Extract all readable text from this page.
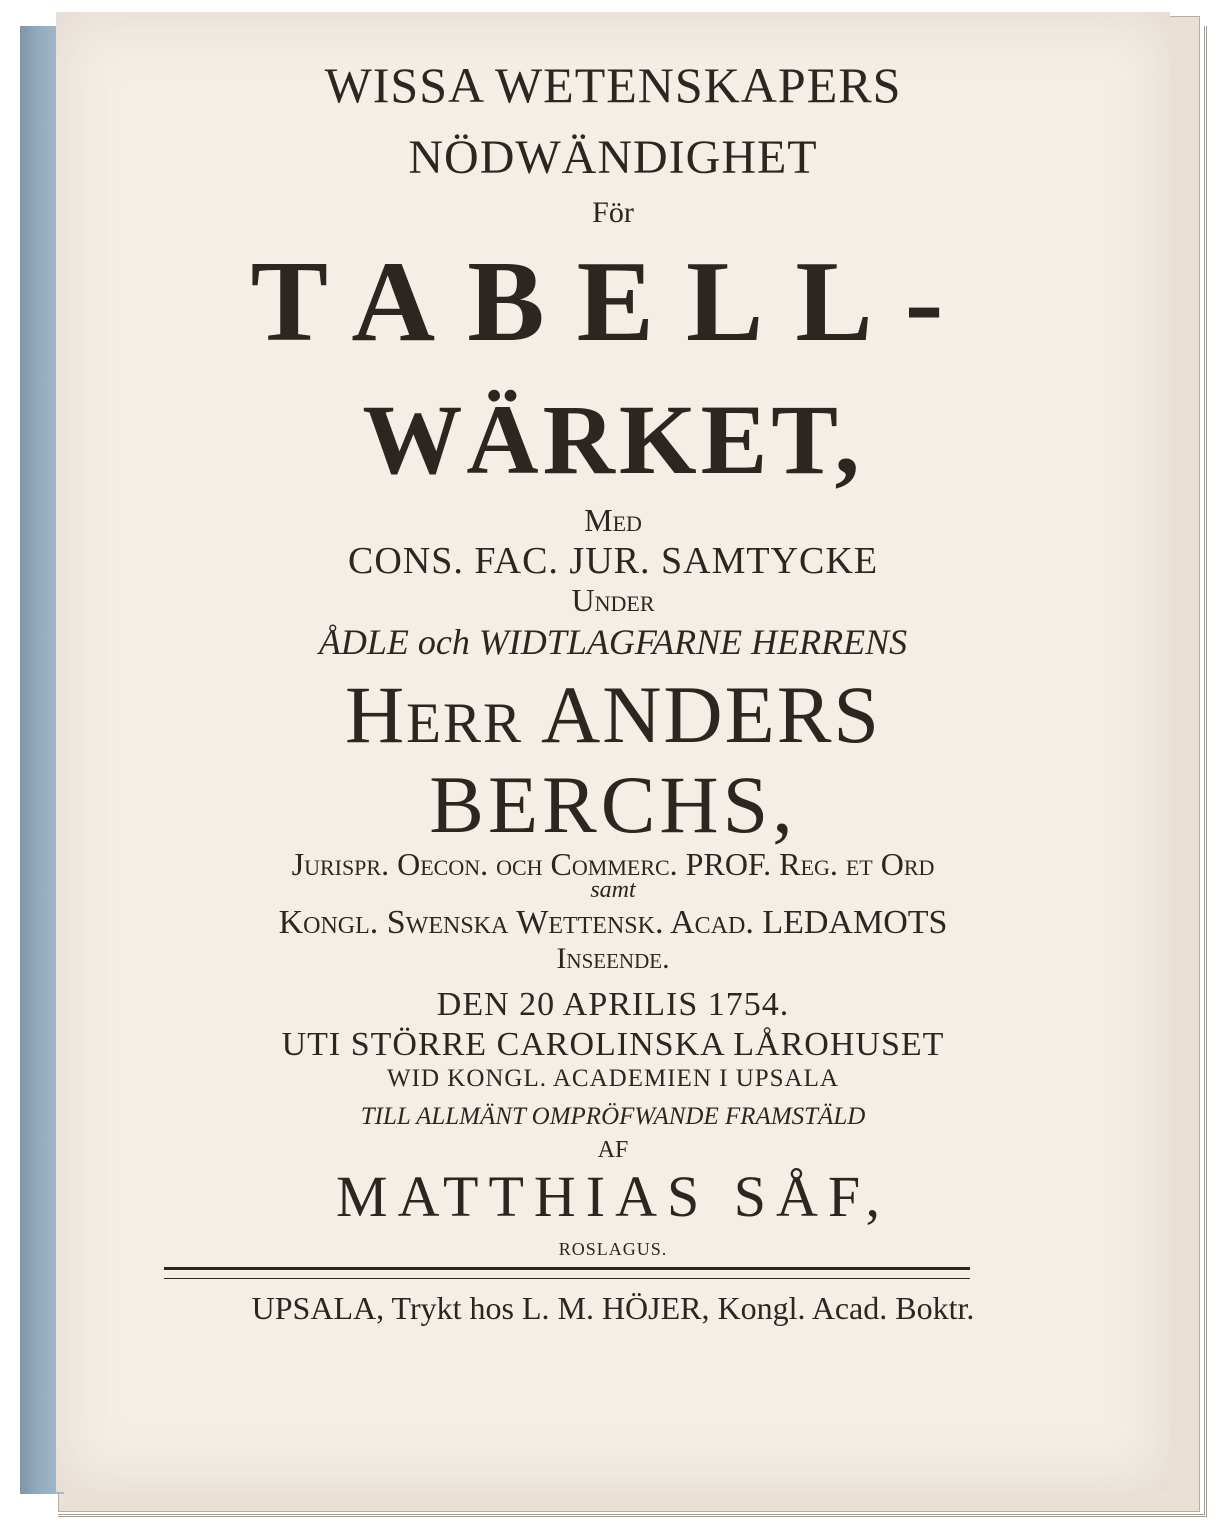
WISSA WETENSKAPERS

NÖDWÄNDIGHET

För

TABELL-

WÄRKET,

Med

CONS. FAC. JUR. SAMTYCKE

Under

ÅDLE och WIDTLAGFARNE HERRENS

Herr ANDERS

BERCHS,

Jurispr. Oecon. och Commerc. PROF. Reg. et Ord

samt

Kongl. Swenska Wettensk. Acad. LEDAMOTS

Inseende.

DEN 20 APRILIS 1754.

UTI STÖRRE CAROLINSKA LÅROHUSET

WID KONGL. ACADEMIEN I UPSALA

TILL ALLMÄNT OMPRÖFWANDE FRAMSTÄLD

AF

MATTHIAS SÅF,

ROSLAGUS.

UPSALA, Trykt hos L. M. HÖJER, Kongl. Acad. Boktr.
